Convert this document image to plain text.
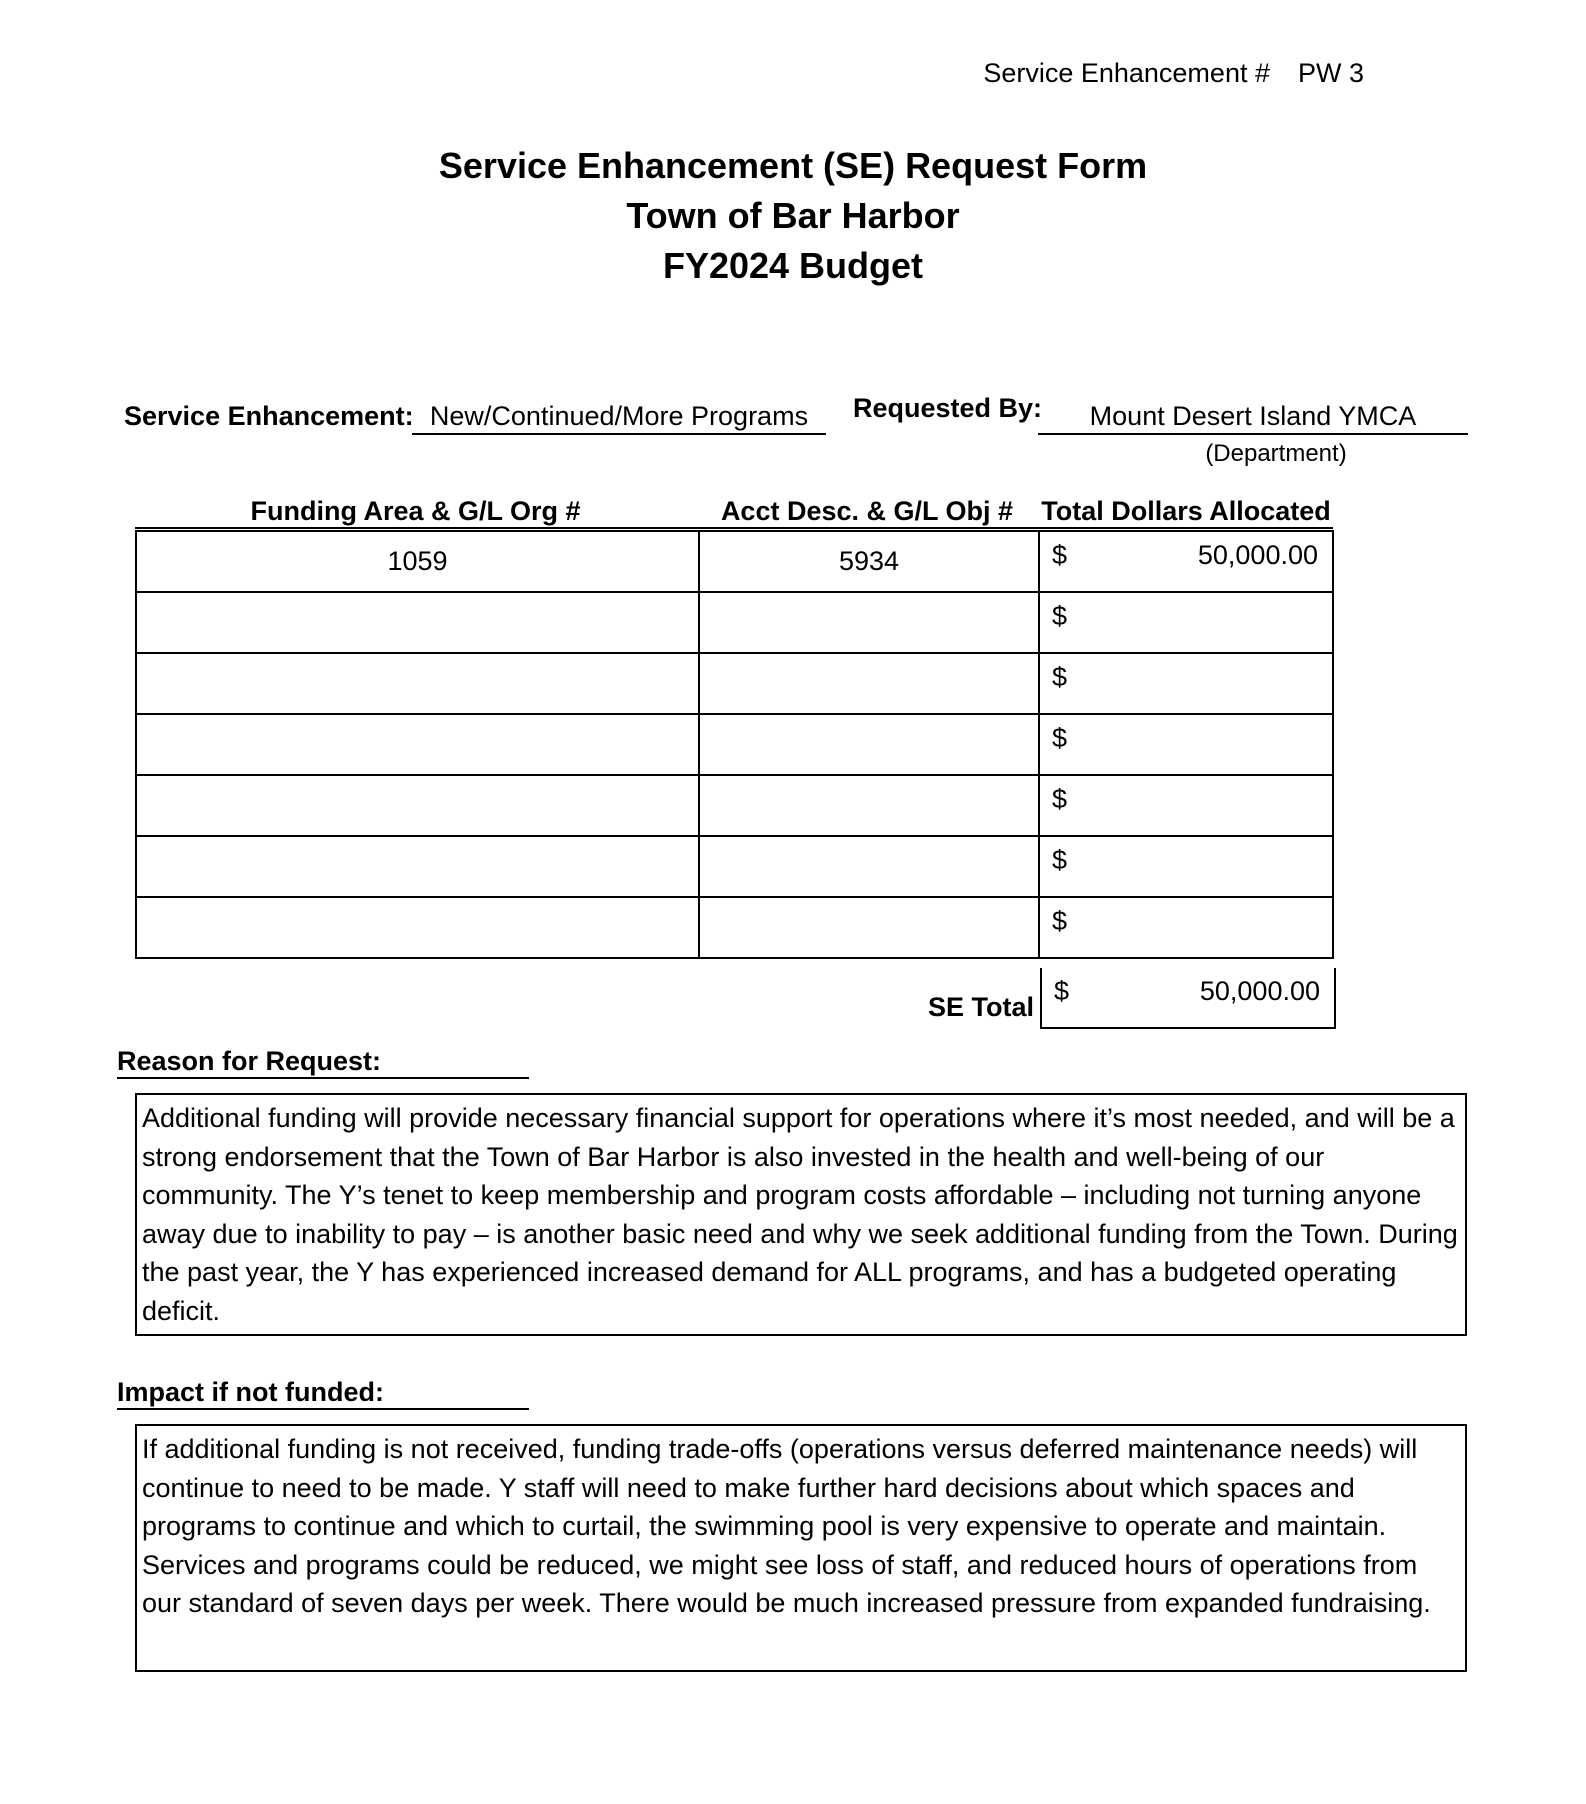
Service Enhancement # PW 3
Service Enhancement (SE) Request Form
Town of Bar Harbor
FY2024 Budget
Service Enhancement: New/Continued/More Programs	Requested By:	Mount Desert Island YMCA
(Department)
Funding Area & G/L Org #	Acct Desc. & G/L Obj #	Total Dollars Allocated
1059	5934	$ 50,000.00

		$

		$

		$

		$

		$

		$
SE Total
$	50,000.00
Reason for Request:
Additional funding will provide necessary financial support for operations where it’s most needed, and will be a strong endorsement that the Town of Bar Harbor is also invested in the health and well-being of our community. The Y’s tenet to keep membership and program costs affordable – including not turning anyone away due to inability to pay – is another basic need and why we seek additional funding from the Town. During the past year, the Y has experienced increased demand for ALL programs, and has a budgeted operating deficit.
Impact if not funded:
If additional funding is not received, funding trade-offs (operations versus deferred maintenance needs) will continue to need to be made. Y staff will need to make further hard decisions about which spaces and programs to continue and which to curtail, the swimming pool is very expensive to operate and maintain. Services and programs could be reduced, we might see loss of staff, and reduced hours of operations from our standard of seven days per week. There would be much increased pressure from expanded fundraising.
